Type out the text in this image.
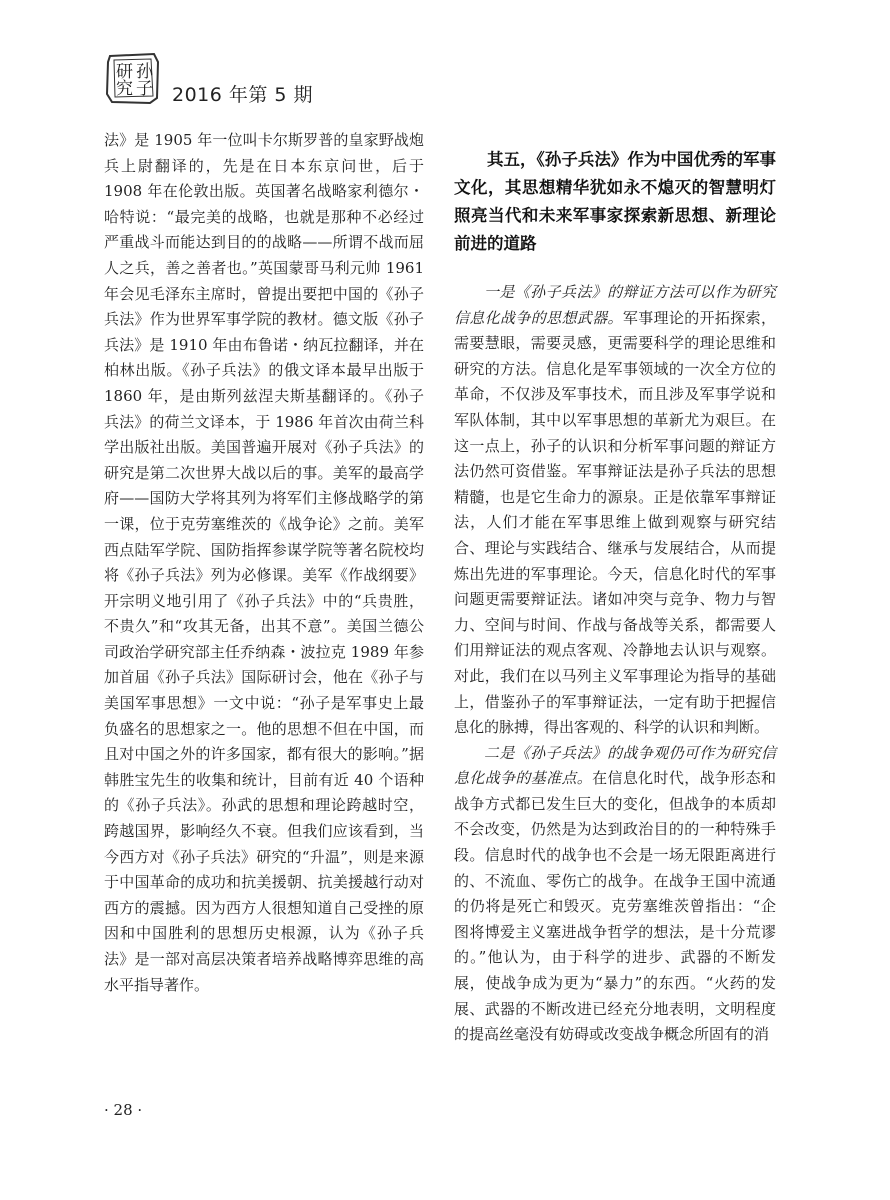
孙
子
研
究 2016 年第 5 期

法》是 1905 年一位叫卡尔斯罗普的皇家野战炮兵上尉翻译的，先是在日本东京问世，后于 1908 年在伦敦出版。英国著名战略家利德尔・哈特说：“最完美的战略，也就是那种不必经过严重战斗而能达到目的的战略——所谓不战而屈人之兵，善之善者也。”英国蒙哥马利元帅 1961 年会见毛泽东主席时，曾提出要把中国的《孙子兵法》作为世界军事学院的教材。德文版《孙子兵法》是 1910 年由布鲁诺・纳瓦拉翻译，并在柏林出版。《孙子兵法》的俄文译本最早出版于 1860 年，是由斯列兹涅夫斯基翻译的。《孙子兵法》的荷兰文译本，于 1986 年首次由荷兰科学出版社出版。美国普遍开展对《孙子兵法》的研究是第二次世界大战以后的事。美军的最高学府——国防大学将其列为将军们主修战略学的第一课，位于克劳塞维茨的《战争论》之前。美军西点陆军学院、国防指挥参谋学院等著名院校均将《孙子兵法》列为必修课。美军《作战纲要》开宗明义地引用了《孙子兵法》中的“兵贵胜，不贵久”和“攻其无备，出其不意”。美国兰德公司政治学研究部主任乔纳森・波拉克 1989 年参加首届《孙子兵法》国际研讨会，他在《孙子与美国军事思想》一文中说：“孙子是军事史上最负盛名的思想家之一。他的思想不但在中国，而且对中国之外的许多国家，都有很大的影响。”据韩胜宝先生的收集和统计，目前有近 40 个语种的《孙子兵法》。孙武的思想和理论跨越时空，跨越国界，影响经久不衰。但我们应该看到，当今西方对《孙子兵法》研究的“升温”，则是来源于中国革命的成功和抗美援朝、抗美援越行动对西方的震撼。因为西方人很想知道自己受挫的原因和中国胜利的思想历史根源，认为《孙子兵法》是一部对高层决策者培养战略博弈思维的高水平指导著作。

其五，《孙子兵法》作为中国优秀的军事文化，其思想精华犹如永不熄灭的智慧明灯照亮当代和未来军事家探索新思想、新理论前进的道路

一是《孙子兵法》的辩证方法可以作为研究信息化战争的思想武器。军事理论的开拓探索，需要慧眼，需要灵感，更需要科学的理论思维和研究的方法。信息化是军事领域的一次全方位的革命，不仅涉及军事技术，而且涉及军事学说和军队体制，其中以军事思想的革新尤为艰巨。在这一点上，孙子的认识和分析军事问题的辩证方法仍然可资借鉴。军事辩证法是孙子兵法的思想精髓，也是它生命力的源泉。正是依靠军事辩证法，人们才能在军事思维上做到观察与研究结合、理论与实践结合、继承与发展结合，从而提炼出先进的军事理论。今天，信息化时代的军事问题更需要辩证法。诸如冲突与竞争、物力与智力、空间与时间、作战与备战等关系，都需要人们用辩证法的观点客观、冷静地去认识与观察。对此，我们在以马列主义军事理论为指导的基础上，借鉴孙子的军事辩证法，一定有助于把握信息化的脉搏，得出客观的、科学的认识和判断。

二是《孙子兵法》的战争观仍可作为研究信息化战争的基准点。在信息化时代，战争形态和战争方式都已发生巨大的变化，但战争的本质却不会改变，仍然是为达到政治目的的一种特殊手段。信息时代的战争也不会是一场无限距离进行的、不流血、零伤亡的战争。在战争王国中流通的仍将是死亡和毁灭。克劳塞维茨曾指出：“企图将博爱主义塞进战争哲学的想法，是十分荒谬的。”他认为，由于科学的进步、武器的不断发展，使战争成为更为“暴力”的东西。“火药的发展、武器的不断改进已经充分地表明，文明程度的提高丝毫没有妨碍或改变战争概念所固有的消

· 28 ·
